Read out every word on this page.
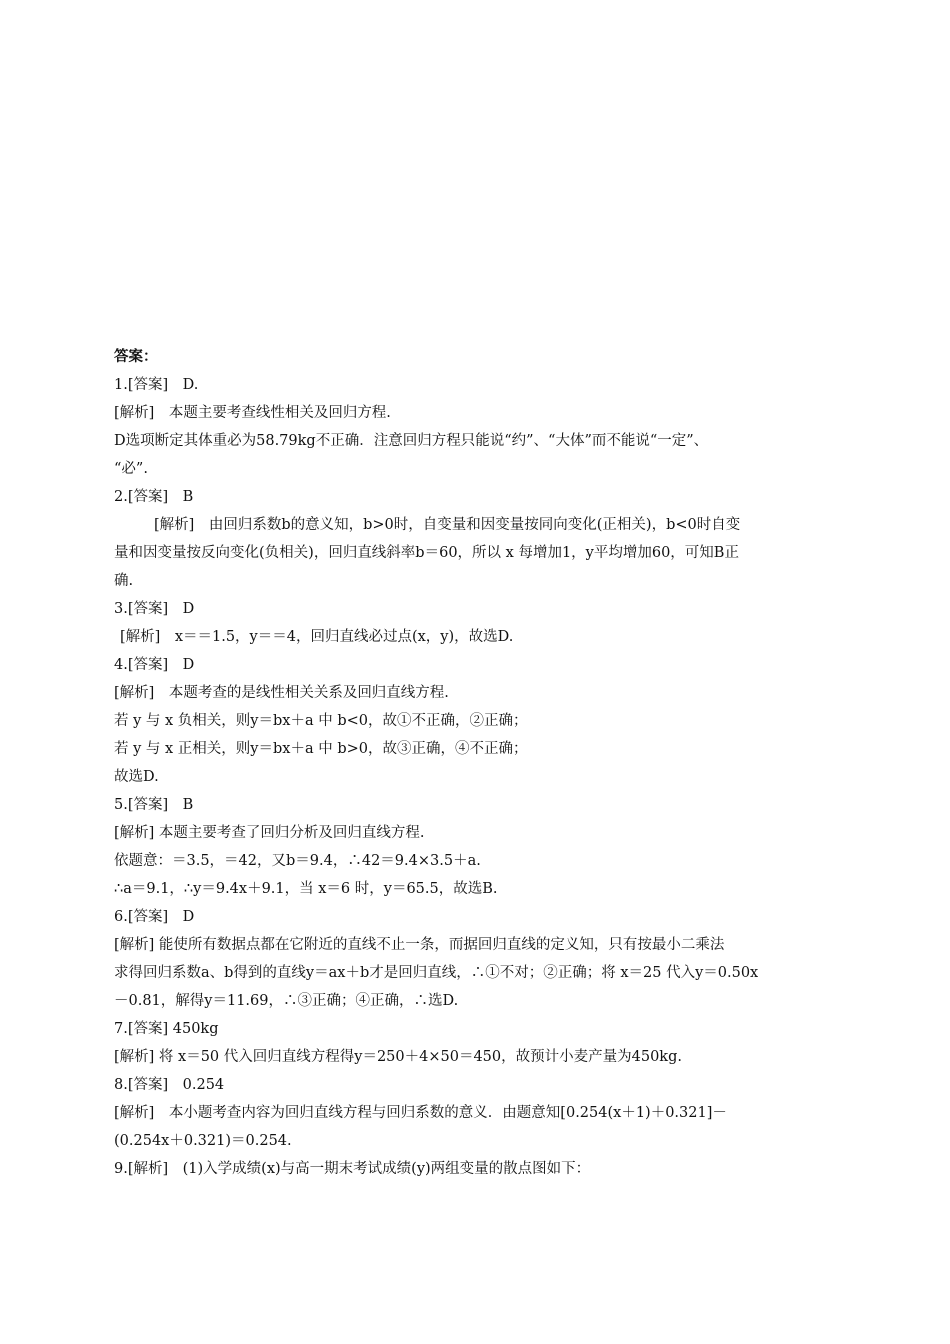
答案：
1.[答案]　D.
[解析]　本题主要考查线性相关及回归方程.
D选项断定其体重必为58.79kg不正确．注意回归方程只能说“约”、“大体”而不能说“一定”、
“必”.
2.[答案]　B
[解析]　由回归系数b的意义知，b>0时，自变量和因变量按同向变化(正相关)，b<0时自变
量和因变量按反向变化(负相关)，回归直线斜率b＝60，所以 x 每增加1，y平均增加60，可知B正
确.
3.[答案]　D
[解析]　x＝＝1.5，y＝＝4，回归直线必过点(x，y)，故选D.
4.[答案]　D
[解析]　本题考查的是线性相关关系及回归直线方程.
若 y 与 x 负相关，则y＝bx＋a 中 b<0，故①不正确，②正确；
若 y 与 x 正相关，则y＝bx＋a 中 b>0，故③正确，④不正确；
故选D.
5.[答案]　B
[解析] 本题主要考查了回归分析及回归直线方程.
依题意：＝3.5，＝42，又b＝9.4，∴42＝9.4×3.5＋a.
∴a＝9.1，∴y＝9.4x＋9.1，当 x＝6 时，y＝65.5，故选B.
6.[答案]　D
[解析] 能使所有数据点都在它附近的直线不止一条，而据回归直线的定义知，只有按最小二乘法
求得回归系数a、b得到的直线y＝ax＋b才是回归直线，∴①不对；②正确；将 x＝25 代入y＝0.50x
－0.81，解得y＝11.69，∴③正确；④正确，∴选D.
7.[答案] 450kg
[解析] 将 x＝50 代入回归直线方程得y＝250＋4×50＝450，故预计小麦产量为450kg.
8.[答案]　0.254
[解析]　本小题考查内容为回归直线方程与回归系数的意义．由题意知[0.254(x＋1)＋0.321]－
(0.254x＋0.321)＝0.254.
9.[解析]　(1)入学成绩(x)与高一期末考试成绩(y)两组变量的散点图如下：
